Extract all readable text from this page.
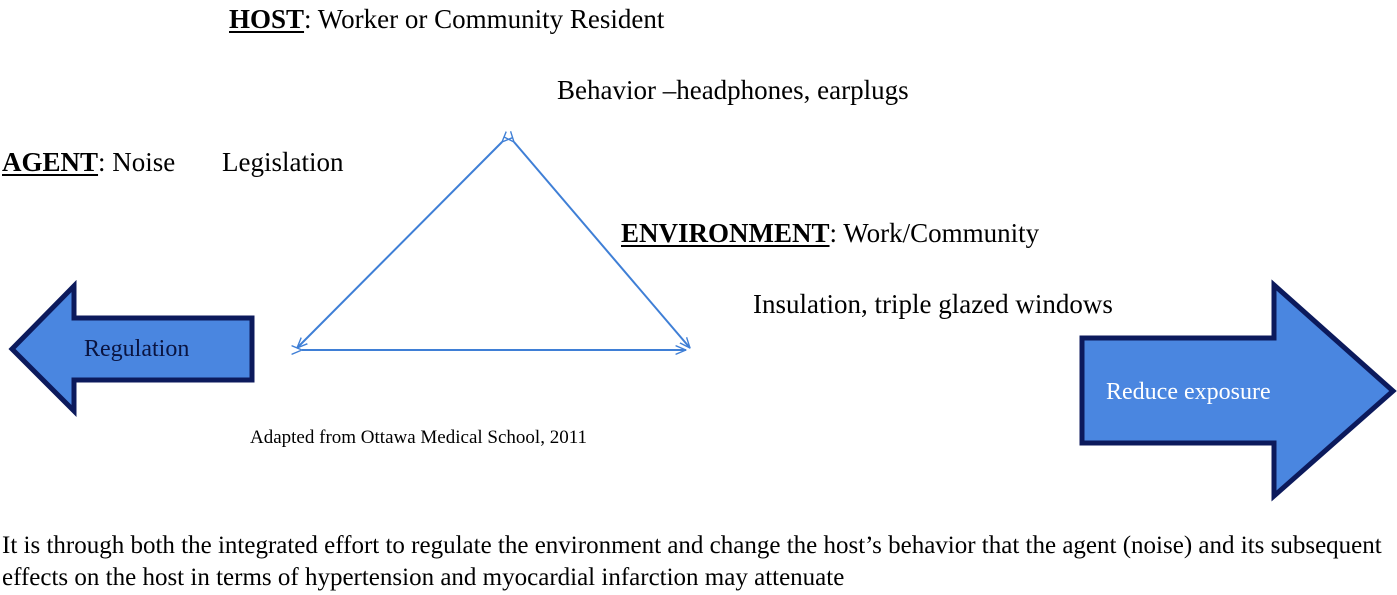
HOST: Worker or Community Resident
Behavior –headphones, earplugs
AGENT: Noise Legislation
ENVIRONMENT: Work/Community
Insulation, triple glazed windows
Regulation
Reduce exposure
Adapted from Ottawa Medical School, 2011
It is through both the integrated effort to regulate the environment and change the host’s behavior that the agent (noise) and its subsequent effects on the host in terms of hypertension and myocardial infarction may attenuate
